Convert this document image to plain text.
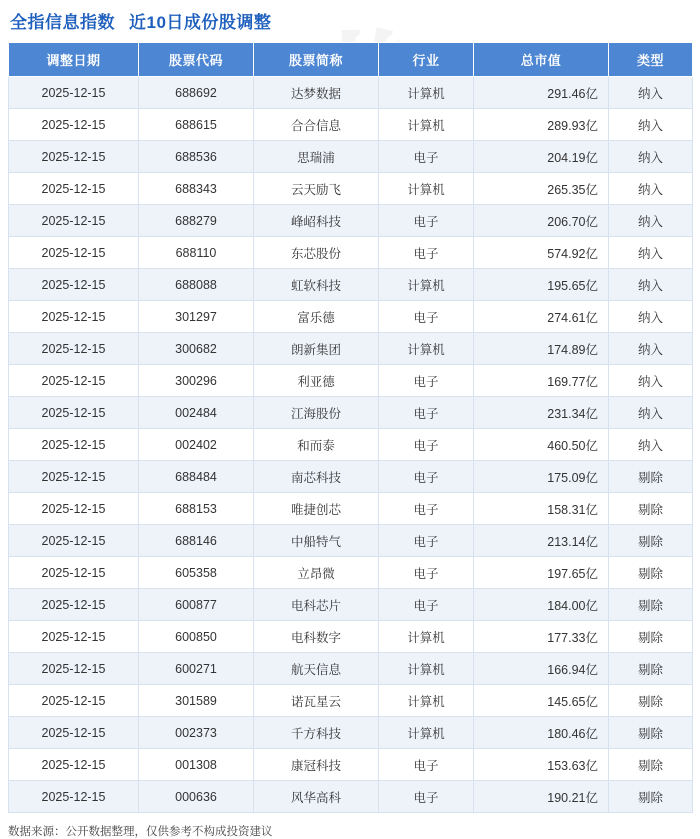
全指信息指数 近10日成份股调整
调整日期	股票代码	股票简称	行业	总市值	类型
2025-12-15	688692	达梦数据	计算机	291.46亿	纳入
2025-12-15	688615	合合信息	计算机	289.93亿	纳入
2025-12-15	688536	思瑞浦	电子	204.19亿	纳入
2025-12-15	688343	云天励飞	计算机	265.35亿	纳入
2025-12-15	688279	峰岹科技	电子	206.70亿	纳入
2025-12-15	688110	东芯股份	电子	574.92亿	纳入
2025-12-15	688088	虹软科技	计算机	195.65亿	纳入
2025-12-15	301297	富乐德	电子	274.61亿	纳入
2025-12-15	300682	朗新集团	计算机	174.89亿	纳入
2025-12-15	300296	利亚德	电子	169.77亿	纳入
2025-12-15	002484	江海股份	电子	231.34亿	纳入
2025-12-15	002402	和而泰	电子	460.50亿	纳入
2025-12-15	688484	南芯科技	电子	175.09亿	剔除
2025-12-15	688153	唯捷创芯	电子	158.31亿	剔除
2025-12-15	688146	中船特气	电子	213.14亿	剔除
2025-12-15	605358	立昂微	电子	197.65亿	剔除
2025-12-15	600877	电科芯片	电子	184.00亿	剔除
2025-12-15	600850	电科数字	计算机	177.33亿	剔除
2025-12-15	600271	航天信息	计算机	166.94亿	剔除
2025-12-15	301589	诺瓦星云	计算机	145.65亿	剔除
2025-12-15	002373	千方科技	计算机	180.46亿	剔除
2025-12-15	001308	康冠科技	电子	153.63亿	剔除
2025-12-15	000636	风华高科	电子	190.21亿	剔除
数据来源：公开数据整理，仅供参考不构成投资建议
